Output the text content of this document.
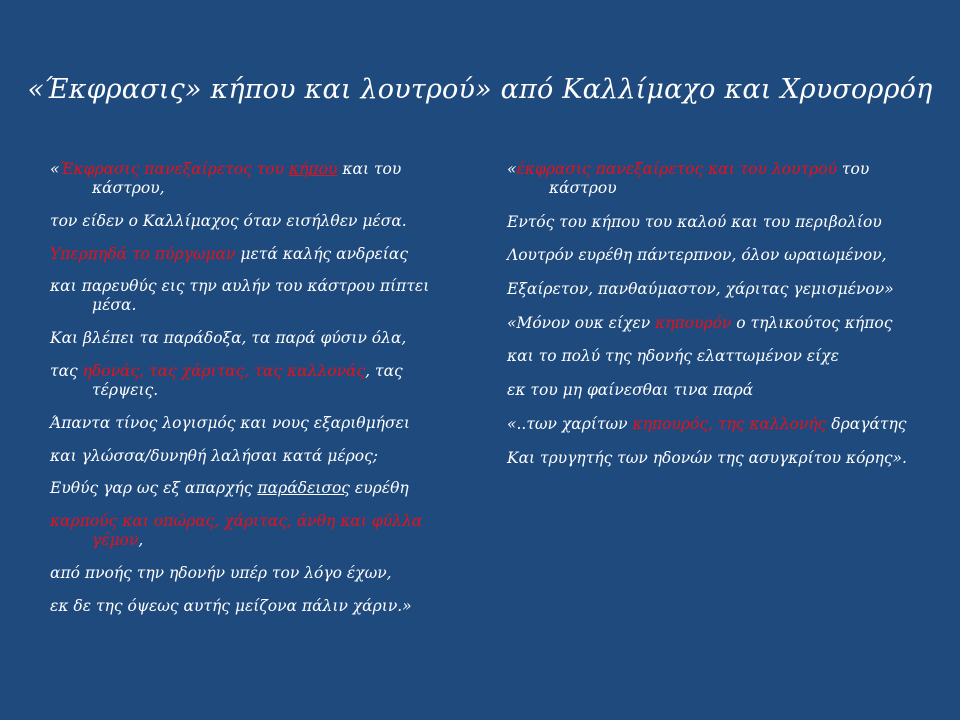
«Έκφρασις» κήπου και λουτρού» από Καλλίμαχο και Χρυσορρόη
«Έκφρασις πανεξαίρετος του κήπου και του κάστρου,
τον είδεν ο Καλλίμαχος όταν εισήλθεν μέσα.
Υπερπηδά το πύργωμαν μετά καλής ανδρείας
και παρευθύς εις την αυλήν του κάστρου πίπτει μέσα.
Και βλέπει τα παράδοξα, τα παρά φύσιν όλα,
τας ηδονάς, τας χάριτας, τας καλλονάς, τας τέρψεις.
Άπαντα τίνος λογισμός και νους εξαριθμήσει
και γλώσσα/δυνηθή λαλήσαι κατά μέρος;
Ευθύς γαρ ως εξ απαρχής παράδεισος ευρέθη
καρπούς και οπώρας, χάριτας, άνθη και φύλλα γέμον,
από πνοής την ηδονήν υπέρ τον λόγο έχων,
εκ δε της όψεως αυτής μείζονα πάλιν χάριν.»
«έκφρασις πανεξαίρετος και του λουτρού του κάστρου
Εντός του κήπου του καλού και του περιβολίου
Λουτρόν ευρέθη πάντερπνον, όλον ωραιωμένον,
Εξαίρετον, πανθαύμαστον, χάριτας γεμισμένον»
«Μόνον ουκ είχεν κηπουρόν ο τηλικούτος κήπος
και το πολύ της ηδονής ελαττωμένον είχε
εκ του μη φαίνεσθαι τινα παρά
«..των χαρίτων κηπουρός, της καλλονής δραγάτης
Και τρυγητής των ηδονών της ασυγκρίτου κόρης».
